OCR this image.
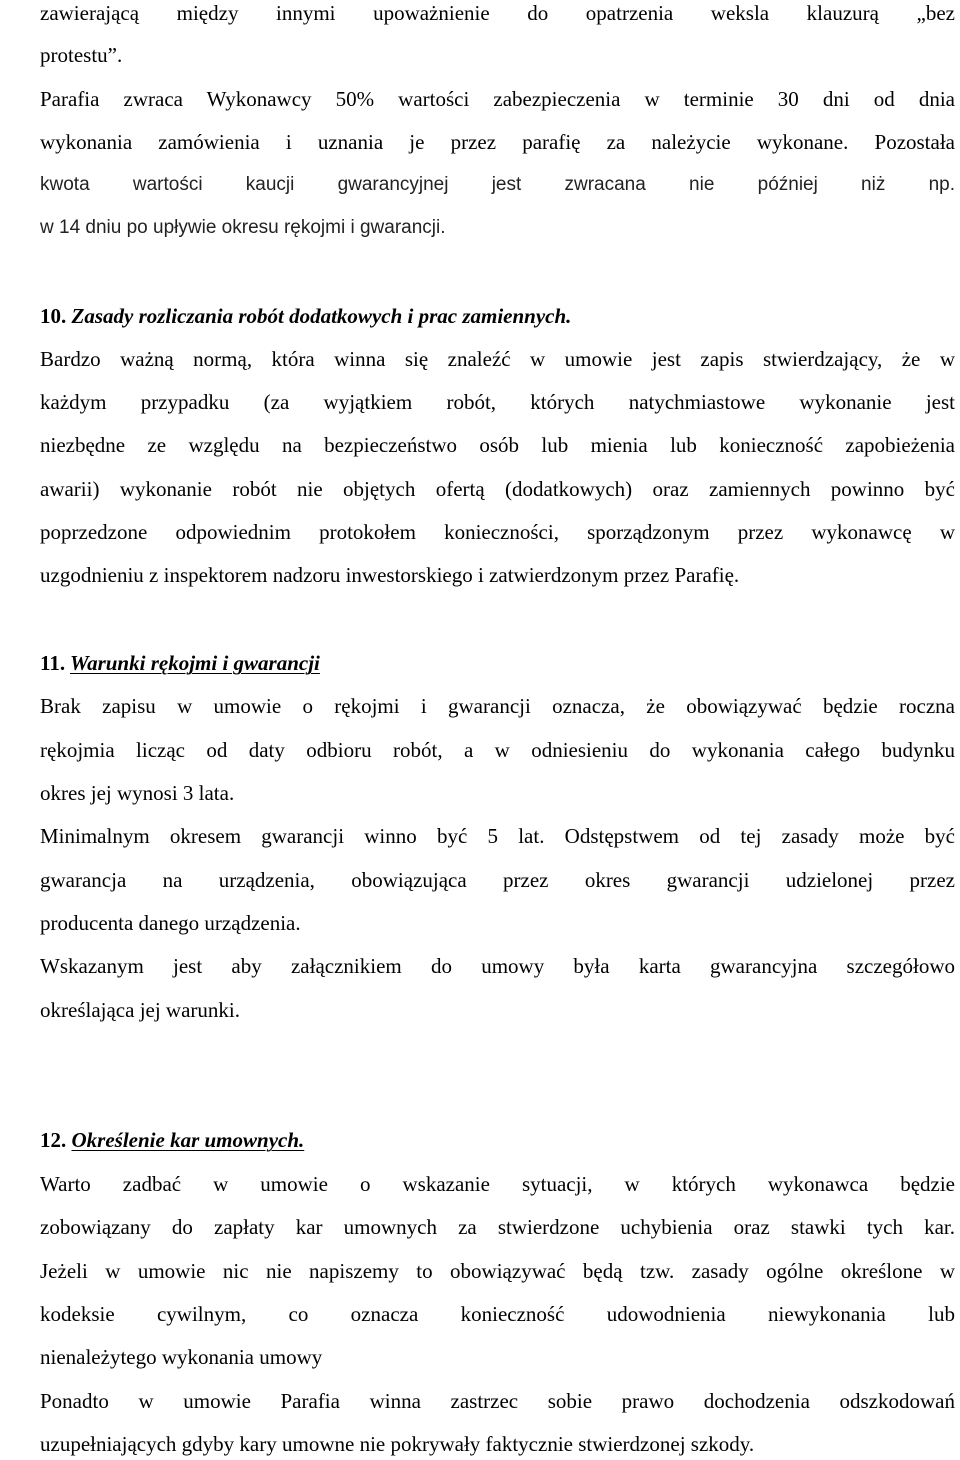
zawierającą między innymi upoważnienie do opatrzenia weksla klauzurą „bez
protestu”.
Parafia zwraca Wykonawcy 50% wartości zabezpieczenia w terminie 30 dni od dnia
wykonania zamówienia i uznania je przez parafię za należycie wykonane. Pozostała
kwota wartości kaucji gwarancyjnej jest zwracana nie później niż np.
w 14 dniu po upływie okresu rękojmi i gwarancji.
10. Zasady rozliczania robót dodatkowych i prac zamiennych.
Bardzo ważną normą, która winna się znaleźć w umowie jest zapis stwierdzający, że w
każdym przypadku (za wyjątkiem robót, których natychmiastowe wykonanie jest
niezbędne ze względu na bezpieczeństwo osób lub mienia lub konieczność zapobieżenia
awarii) wykonanie robót nie objętych ofertą (dodatkowych) oraz zamiennych powinno być
poprzedzone odpowiednim protokołem konieczności, sporządzonym przez wykonawcę w
uzgodnieniu z inspektorem nadzoru inwestorskiego i zatwierdzonym przez Parafię.
11. Warunki rękojmi i gwarancji
Brak zapisu w umowie o rękojmi i gwarancji oznacza, że obowiązywać będzie roczna
rękojmia licząc od daty odbioru robót, a w odniesieniu do wykonania całego budynku
okres jej wynosi 3 lata.
Minimalnym okresem gwarancji winno być 5 lat. Odstępstwem od tej zasady może być
gwarancja na urządzenia, obowiązująca przez okres gwarancji udzielonej przez
producenta danego urządzenia.
Wskazanym jest aby załącznikiem do umowy była karta gwarancyjna szczegółowo
określająca jej warunki.
12. Określenie kar umownych.
Warto zadbać w umowie o wskazanie sytuacji, w których wykonawca będzie
zobowiązany do zapłaty kar umownych za stwierdzone uchybienia oraz stawki tych kar.
Jeżeli w umowie nic nie napiszemy to obowiązywać będą tzw. zasady ogólne określone w
kodeksie cywilnym, co oznacza konieczność udowodnienia niewykonania lub
nienależytego wykonania umowy
Ponadto w umowie Parafia winna zastrzec sobie prawo dochodzenia odszkodowań
uzupełniających gdyby kary umowne nie pokrywały faktycznie stwierdzonej szkody.
